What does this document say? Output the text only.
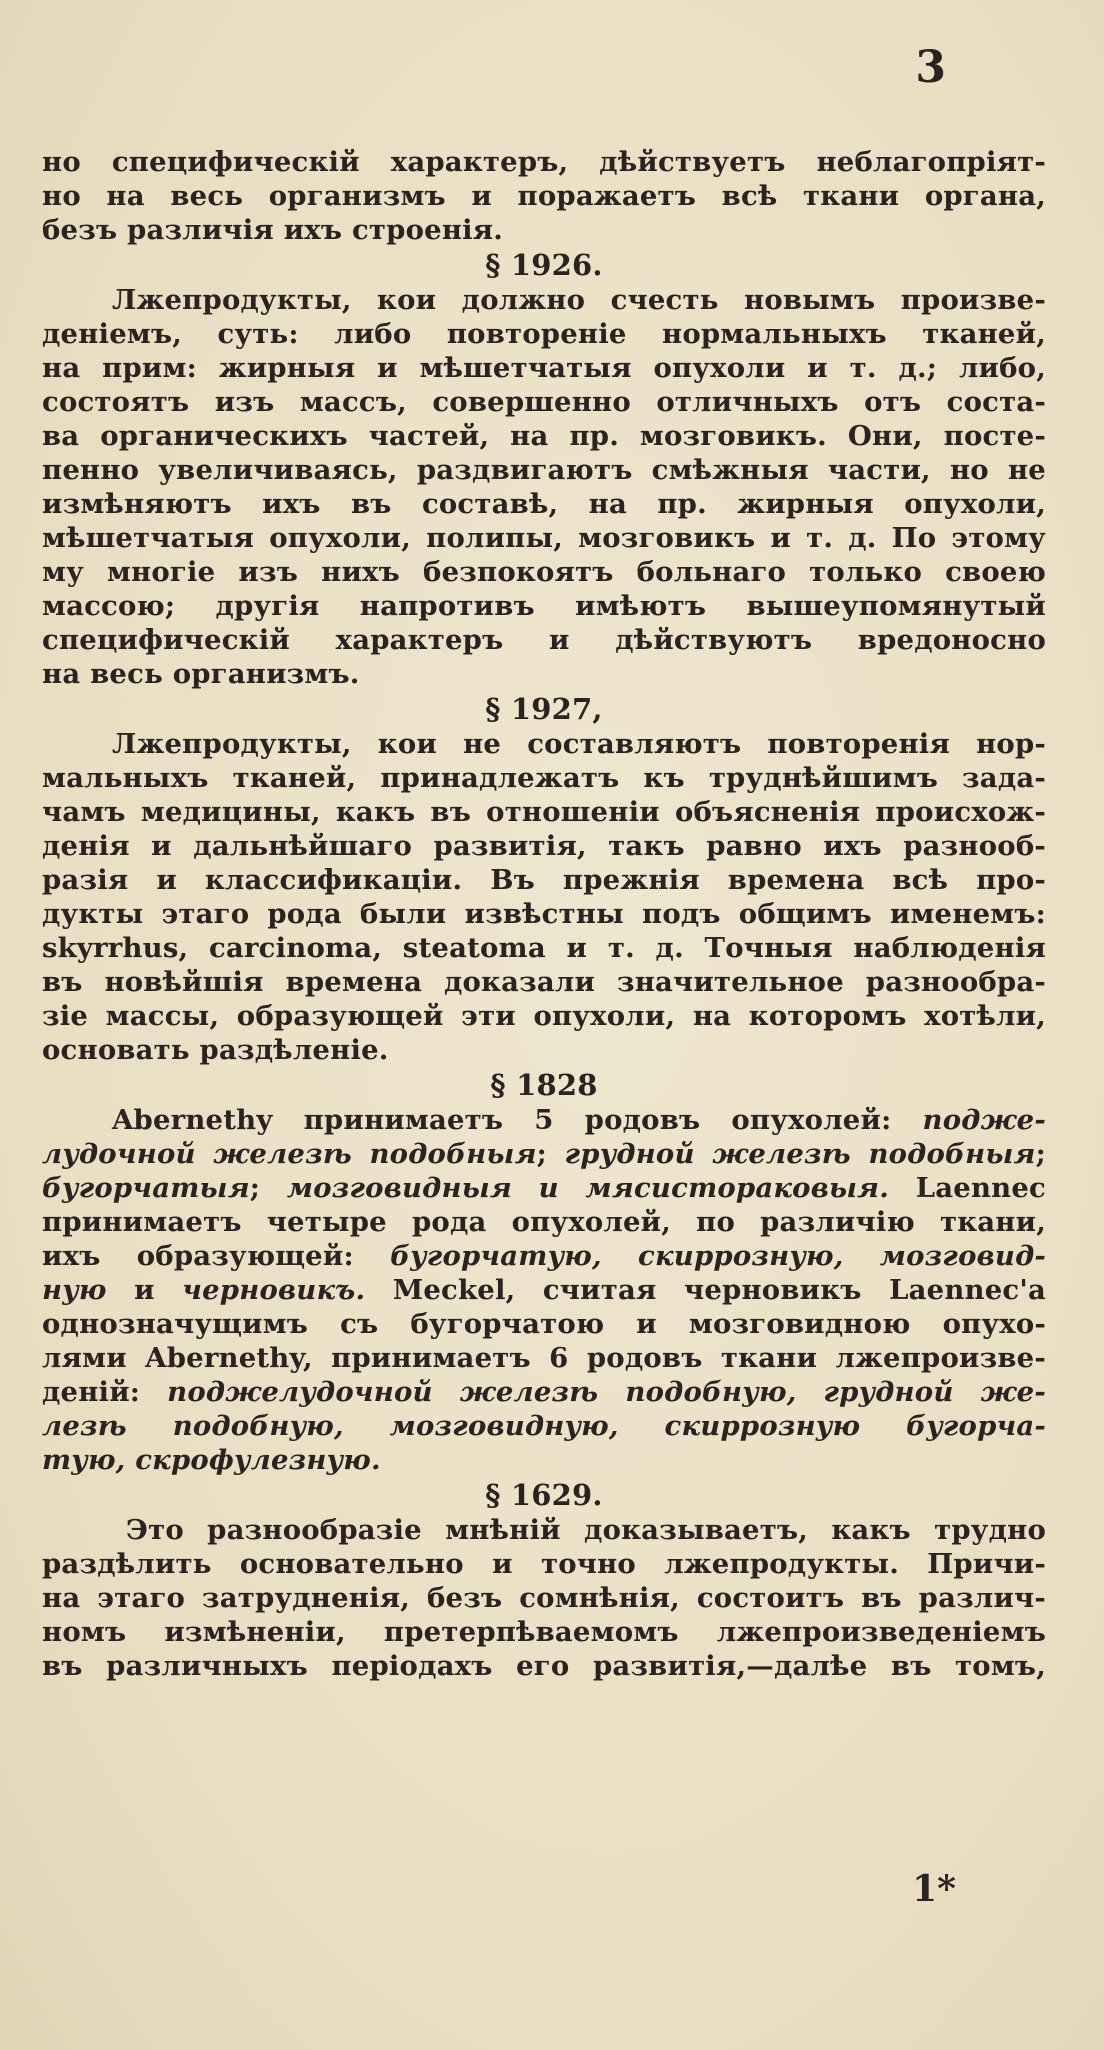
3
но специфическій характеръ, дѣйствуетъ неблагопріят-
но на весь организмъ и поражаетъ всѣ ткани органа,
безъ различія ихъ строенія.
§ 1926.
Лжепродукты, кои должно счесть новымъ произве-
деніемъ, суть: либо повтореніе нормальныхъ тканей,
на прим: жирныя и мѣшетчатыя опухоли и т. д.; либо,
состоятъ изъ массъ, совершенно отличныхъ отъ соста-
ва органическихъ частей, на пр. мозговикъ. Они, посте-
пенно увеличиваясь, раздвигаютъ смѣжныя части, но не
измѣняютъ ихъ въ составѣ, на пр. жирныя опухоли,
мѣшетчатыя опухоли, полипы, мозговикъ и т. д. По этому
му многіе изъ нихъ безпокоятъ больнаго только своею
массою; другія напротивъ имѣютъ вышеупомянутый
специфическій характеръ и дѣйствуютъ вредоносно
на весь организмъ.
§ 1927,
Лжепродукты, кои не составляютъ повторенія нор-
мальныхъ тканей, принадлежатъ къ труднѣйшимъ зада-
чамъ медицины, какъ въ отношеніи объясненія происхож-
денія и дальнѣйшаго развитія, такъ равно ихъ разнооб-
разія и классификаціи. Въ прежнія времена всѣ про-
дукты этаго рода были извѣстны подъ общимъ именемъ:
skyrrhus, carcinoma, steatoma и т. д. Точныя наблюденія
въ новѣйшія времена доказали значительное разнообра-
зіе массы, образующей эти опухоли, на которомъ хотѣли,
основать раздѣленіе.
§ 1828
Abernethy принимаетъ 5 родовъ опухолей: подже-
лудочной железѣ подобныя; грудной железѣ подобныя;
бугорчатыя; мозговидныя и мясистораковыя. Laennec
принимаетъ четыре рода опухолей, по различію ткани,
ихъ образующей: бугорчатую, скиррозную, мозговид-
ную и черновикъ. Meckel, считая черновикъ Laennec'а
однозначущимъ съ бугорчатою и мозговидною опухо-
лями Abernethy, принимаетъ 6 родовъ ткани лжепроизве-
деній: поджелудочной железѣ подобную, грудной же-
лезѣ подобную, мозговидную, скиррозную бугорча-
тую, скрофулезную.
§ 1629.
Это разнообразіе мнѣній доказываетъ, какъ трудно
раздѣлить основательно и точно лжепродукты. Причи-
на этаго затрудненія, безъ сомнѣнія, состоитъ въ различ-
номъ измѣненіи, претерпѣваемомъ лжепроизведеніемъ
въ различныхъ періодахъ его развитія,—далѣе въ томъ,
1*
